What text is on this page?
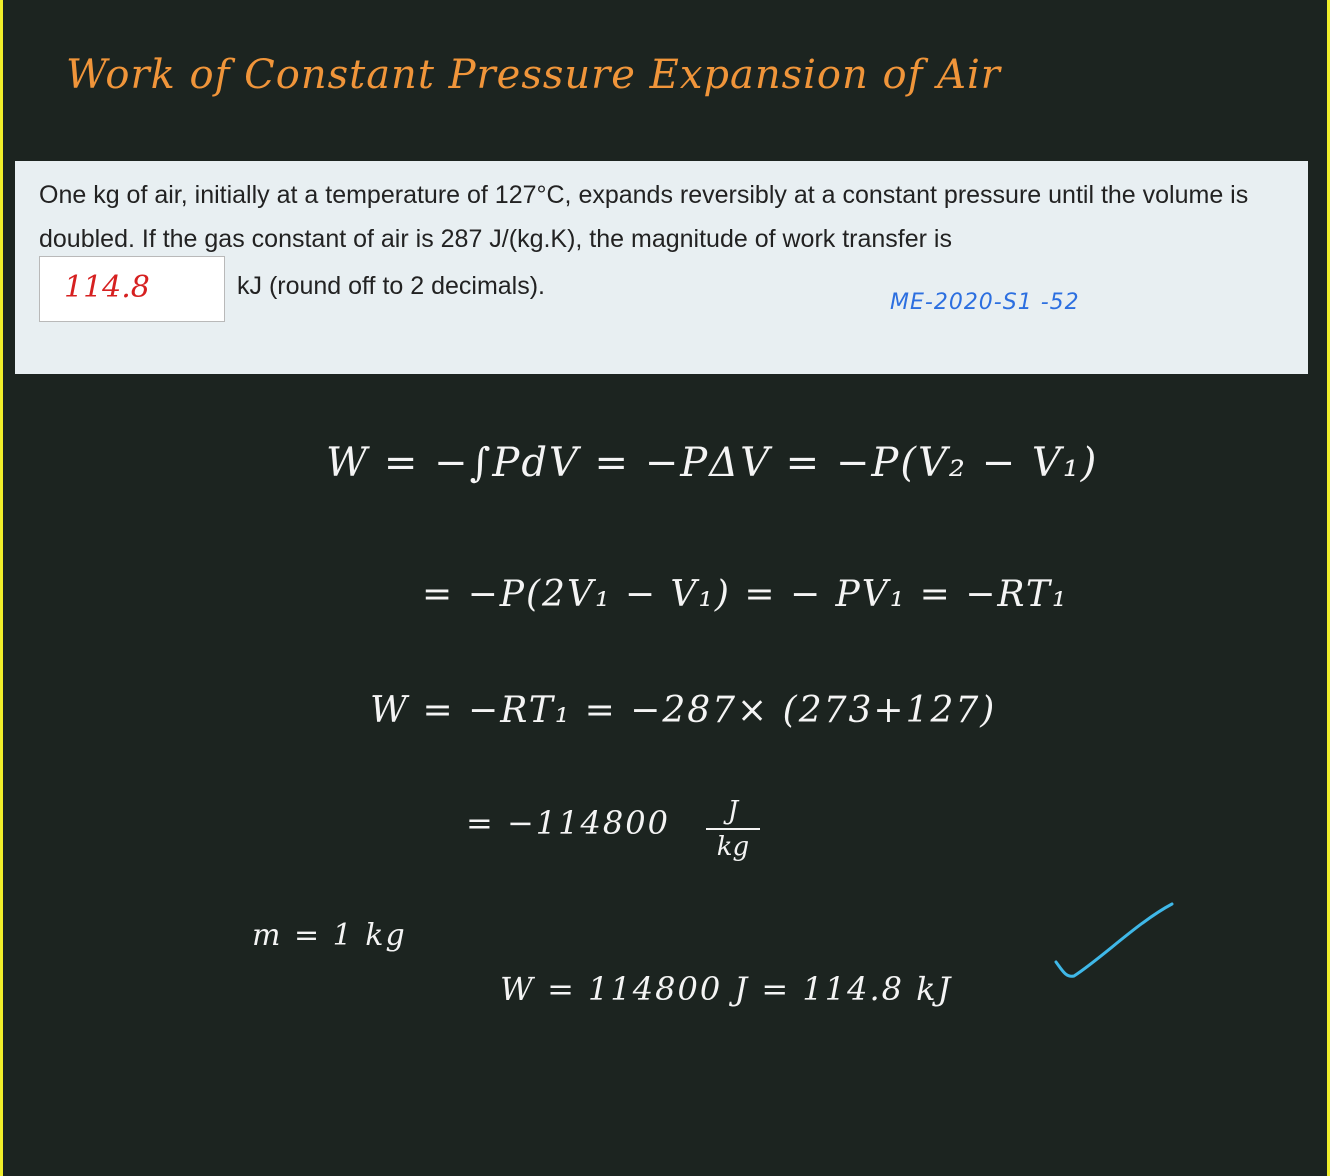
Work of Constant Pressure Expansion of Air

One kg of air, initially at a temperature of 127°C, expands reversibly at a constant pressure until the volume is doubled. If the gas constant of air is 287 J/(kg.K), the magnitude of work transfer is

114.8	kJ (round off to 2 decimals).
ME-2020-S1 -52
W = −∫PdV = −PΔV = −P(V₂ − V₁)
= −P(2V₁ − V₁) = − PV₁ = −RT₁
W = −RT₁ = −287× (273+127)
= $-114800 \frac{J}{kg}$
m = 1 kg
W = 114800 J = 114.8 kJ
